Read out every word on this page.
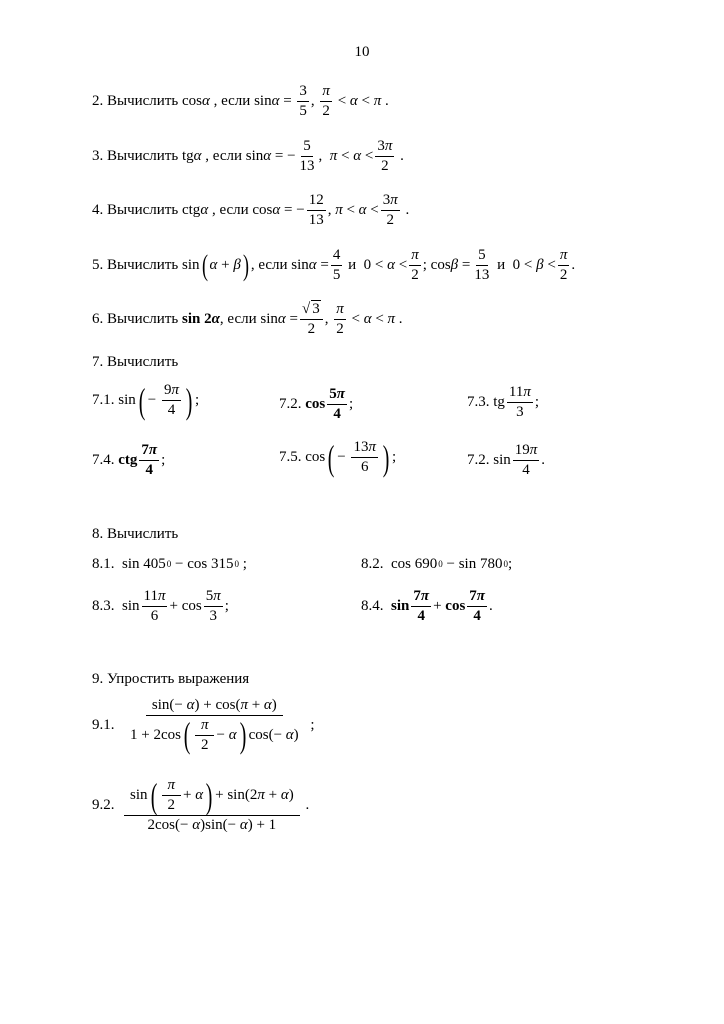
10
2.
Вычислить
cos α , если
$\sin \alpha = \frac{3}{5}$ , $\frac{\pi}{2} < \alpha < \pi$ .
3.
Вычислить
tg α , если
sin α = − $\frac{5}{13}$ , $\pi < \alpha < \frac{3\pi}{2}$ .
4.
Вычислить
ctg α , если
cos α = − $\frac{12}{13}$ , $\pi < \alpha < \frac{3\pi}{2}$ .
5.
Вычислить
sin ( α + β ) , если
$\sin \alpha = \frac{4}{5}$
и $0 < \alpha < \frac{\pi}{2}$ ; $\cos \beta = \frac{5}{13}$
и $0 < \beta < \frac{\pi}{2}$ .
6.
Вычислить
sin
2 α , если
$\sin \alpha = \frac{√ 3}{2}$ , $\frac{\pi}{2} < \alpha < \pi$ .
7.
Вычислить
7.1.
sin ( − $\frac{9\pi}{4}$ ) ;	7.2.
$\cos \frac{5\pi}{4}$ ;	7.3.
tg $\frac{11\pi}{3}$ ;
7.4.
ctg $\frac{7\pi}{4}$ ;	7.5.
cos ( − $\frac{13\pi}{6}$ ) ;	7.2.
$\sin \frac{19\pi}{4}$ .
8.
Вычислить
8.1.
sin 405 0 − cos 315 0 ;	8.2.
cos 690 0 − sin 780 0 ;
8.3.
$\sin \frac{11\pi}{6} + \cos \frac{5\pi}{3}$ ;	8.4.
$\sin \frac{7\pi}{4} + \cos \frac{7\pi}{4}$ .
9.
Упростить выражения
9.1.
$\frac{\sin(- \alpha) + \cos(\pi + \alpha)}{1 + 2 \cos ( \frac{\pi}{2} - \alpha ) \cos (- \alpha )}$ ;
9.2.
$\frac{\sin ( \frac{\pi}{2} + \alpha ) + \sin (2 \pi + \alpha )}{2\cos(- \alpha)\sin(- \alpha) + 1}$ .
